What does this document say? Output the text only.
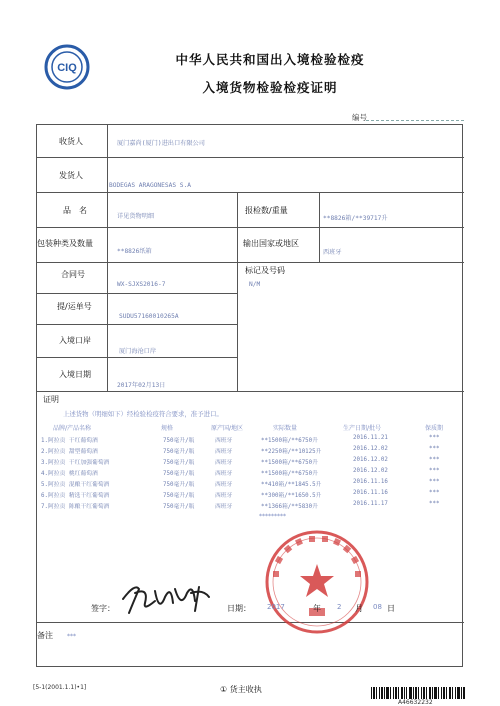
CIQ
中华人民共和国出入境检验检疫
入境货物检验检疫证明
编号
收货人	厦门嘉尚(厦门)进出口有限公司
发货人
BODEGAS ARAGONESAS S.A
品　名
详见货物明细
报检数/重量
**8826箱/**39717升
包装种类及数量
**8826纸箱
输出国家或地区
西班牙
合同号
WX-SJXS2016-7
标记及号码
N/M
提/运单号
SUDU57160010265A
入境口岸
厦门海沧口岸
入境日期
2017年02月13日
证明
上述货物（明细如下）经检验检疫符合要求，准予进口。
品牌/产品名称	规格	原产国/地区	实际数量	生产日期/批号	保质期
1.阿拉贡 干红葡萄酒	750毫升/瓶	西班牙	**1500箱/**6750升	2016.11.21	***
2.阿拉贡 甜型葡萄酒	750毫升/瓶	西班牙	**2250箱/**10125升	2016.12.02	***
3.阿拉贡 干红加强葡萄酒	750毫升/瓶	西班牙	**1500箱/**6750升	2016.12.02	***
4.阿拉贡 桃红葡萄酒	750毫升/瓶	西班牙	**1500箱/**6750升	2016.12.02	***
5.阿拉贡 混酿干红葡萄酒	750毫升/瓶	西班牙	**410箱/**1845.5升	2016.11.16	***
6.阿拉贡 精选干红葡萄酒	750毫升/瓶	西班牙	**300箱/**1650.5升	2016.11.16	***
7.阿拉贡 陈酿干红葡萄酒	750毫升/瓶	西班牙	**1366箱/**5830升	2016.11.17	***
*********
签字：	日期： 2017	年 2 月 08 日
备注 ***
[5-1(2001.1.1)•1]	① 货主收执
A46632232
